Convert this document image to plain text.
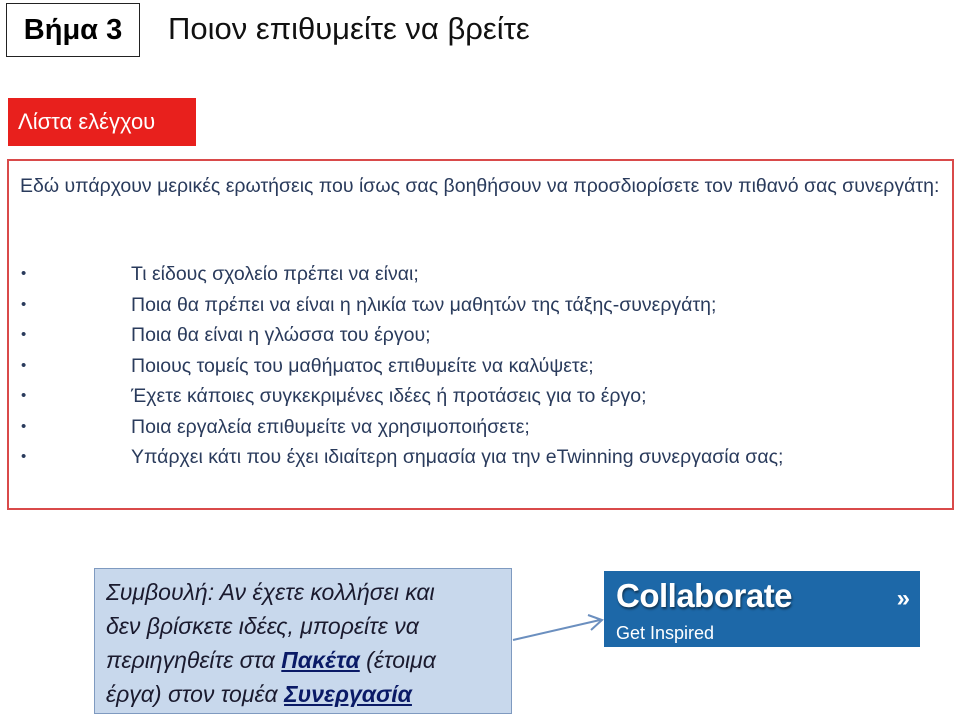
Βήμα 3 Ποιον επιθυμείτε να βρείτε
Λίστα ελέγχου
Εδώ υπάρχουν μερικές ερωτήσεις που ίσως σας βοηθήσουν να προσδιορίσετε τον πιθανό σας συνεργάτη:
•	Τι είδους σχολείο πρέπει να είναι;
•	Ποια θα πρέπει να είναι η ηλικία των μαθητών της τάξης-συνεργάτη;
•	Ποια θα είναι η γλώσσα του έργου;
•	Ποιους τομείς του μαθήματος επιθυμείτε να καλύψετε;
•	Έχετε κάποιες συγκεκριμένες ιδέες ή προτάσεις για το έργο;
•	Ποια εργαλεία επιθυμείτε να χρησιμοποιήσετε;
•	Υπάρχει κάτι που έχει ιδιαίτερη σημασία για την eTwinning συνεργασία σας;
Συμβουλή: Αν έχετε κολλήσει και
δεν βρίσκετε ιδέες, μπορείτε να
περιηγηθείτε στα Πακέτα (έτοιμα
έργα) στον τομέα Συνεργασία
Collaborate	»
Get Inspired
